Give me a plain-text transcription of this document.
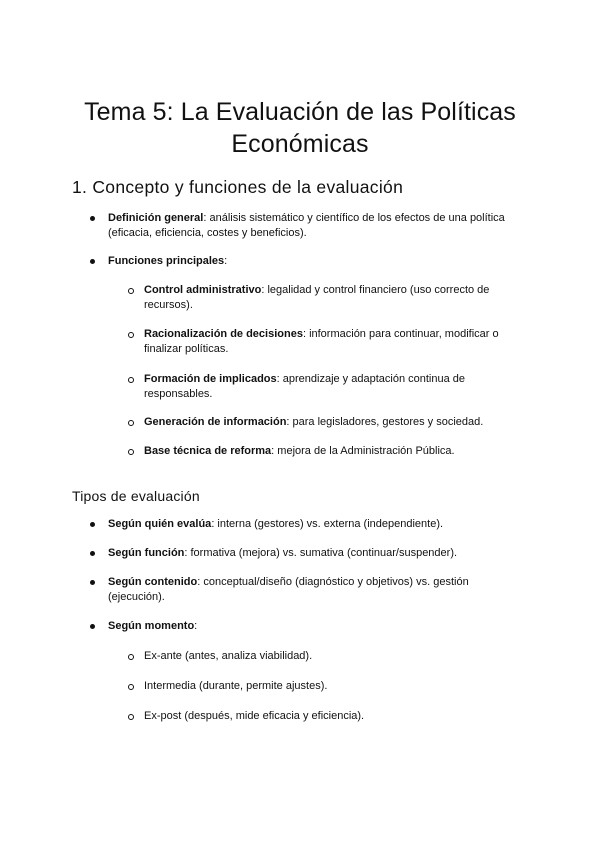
Tema 5: La Evaluación de las Políticas Económicas
1. Concepto y funciones de la evaluación

Definición general: análisis sistemático y científico de los efectos de una política (eficacia, eficiencia, costes y beneficios).

Funciones principales:

Control administrativo: legalidad y control financiero (uso correcto de recursos).

Racionalización de decisiones: información para continuar, modificar o finalizar políticas.

Formación de implicados: aprendizaje y adaptación continua de responsables.

Generación de información: para legisladores, gestores y sociedad.

Base técnica de reforma: mejora de la Administración Pública.

Tipos de evaluación

Según quién evalúa: interna (gestores) vs. externa (independiente).

Según función: formativa (mejora) vs. sumativa (continuar/suspender).

Según contenido: conceptual/diseño (diagnóstico y objetivos) vs. gestión (ejecución).

Según momento:

Ex-ante (antes, analiza viabilidad).

Intermedia (durante, permite ajustes).

Ex-post (después, mide eficacia y eficiencia).
